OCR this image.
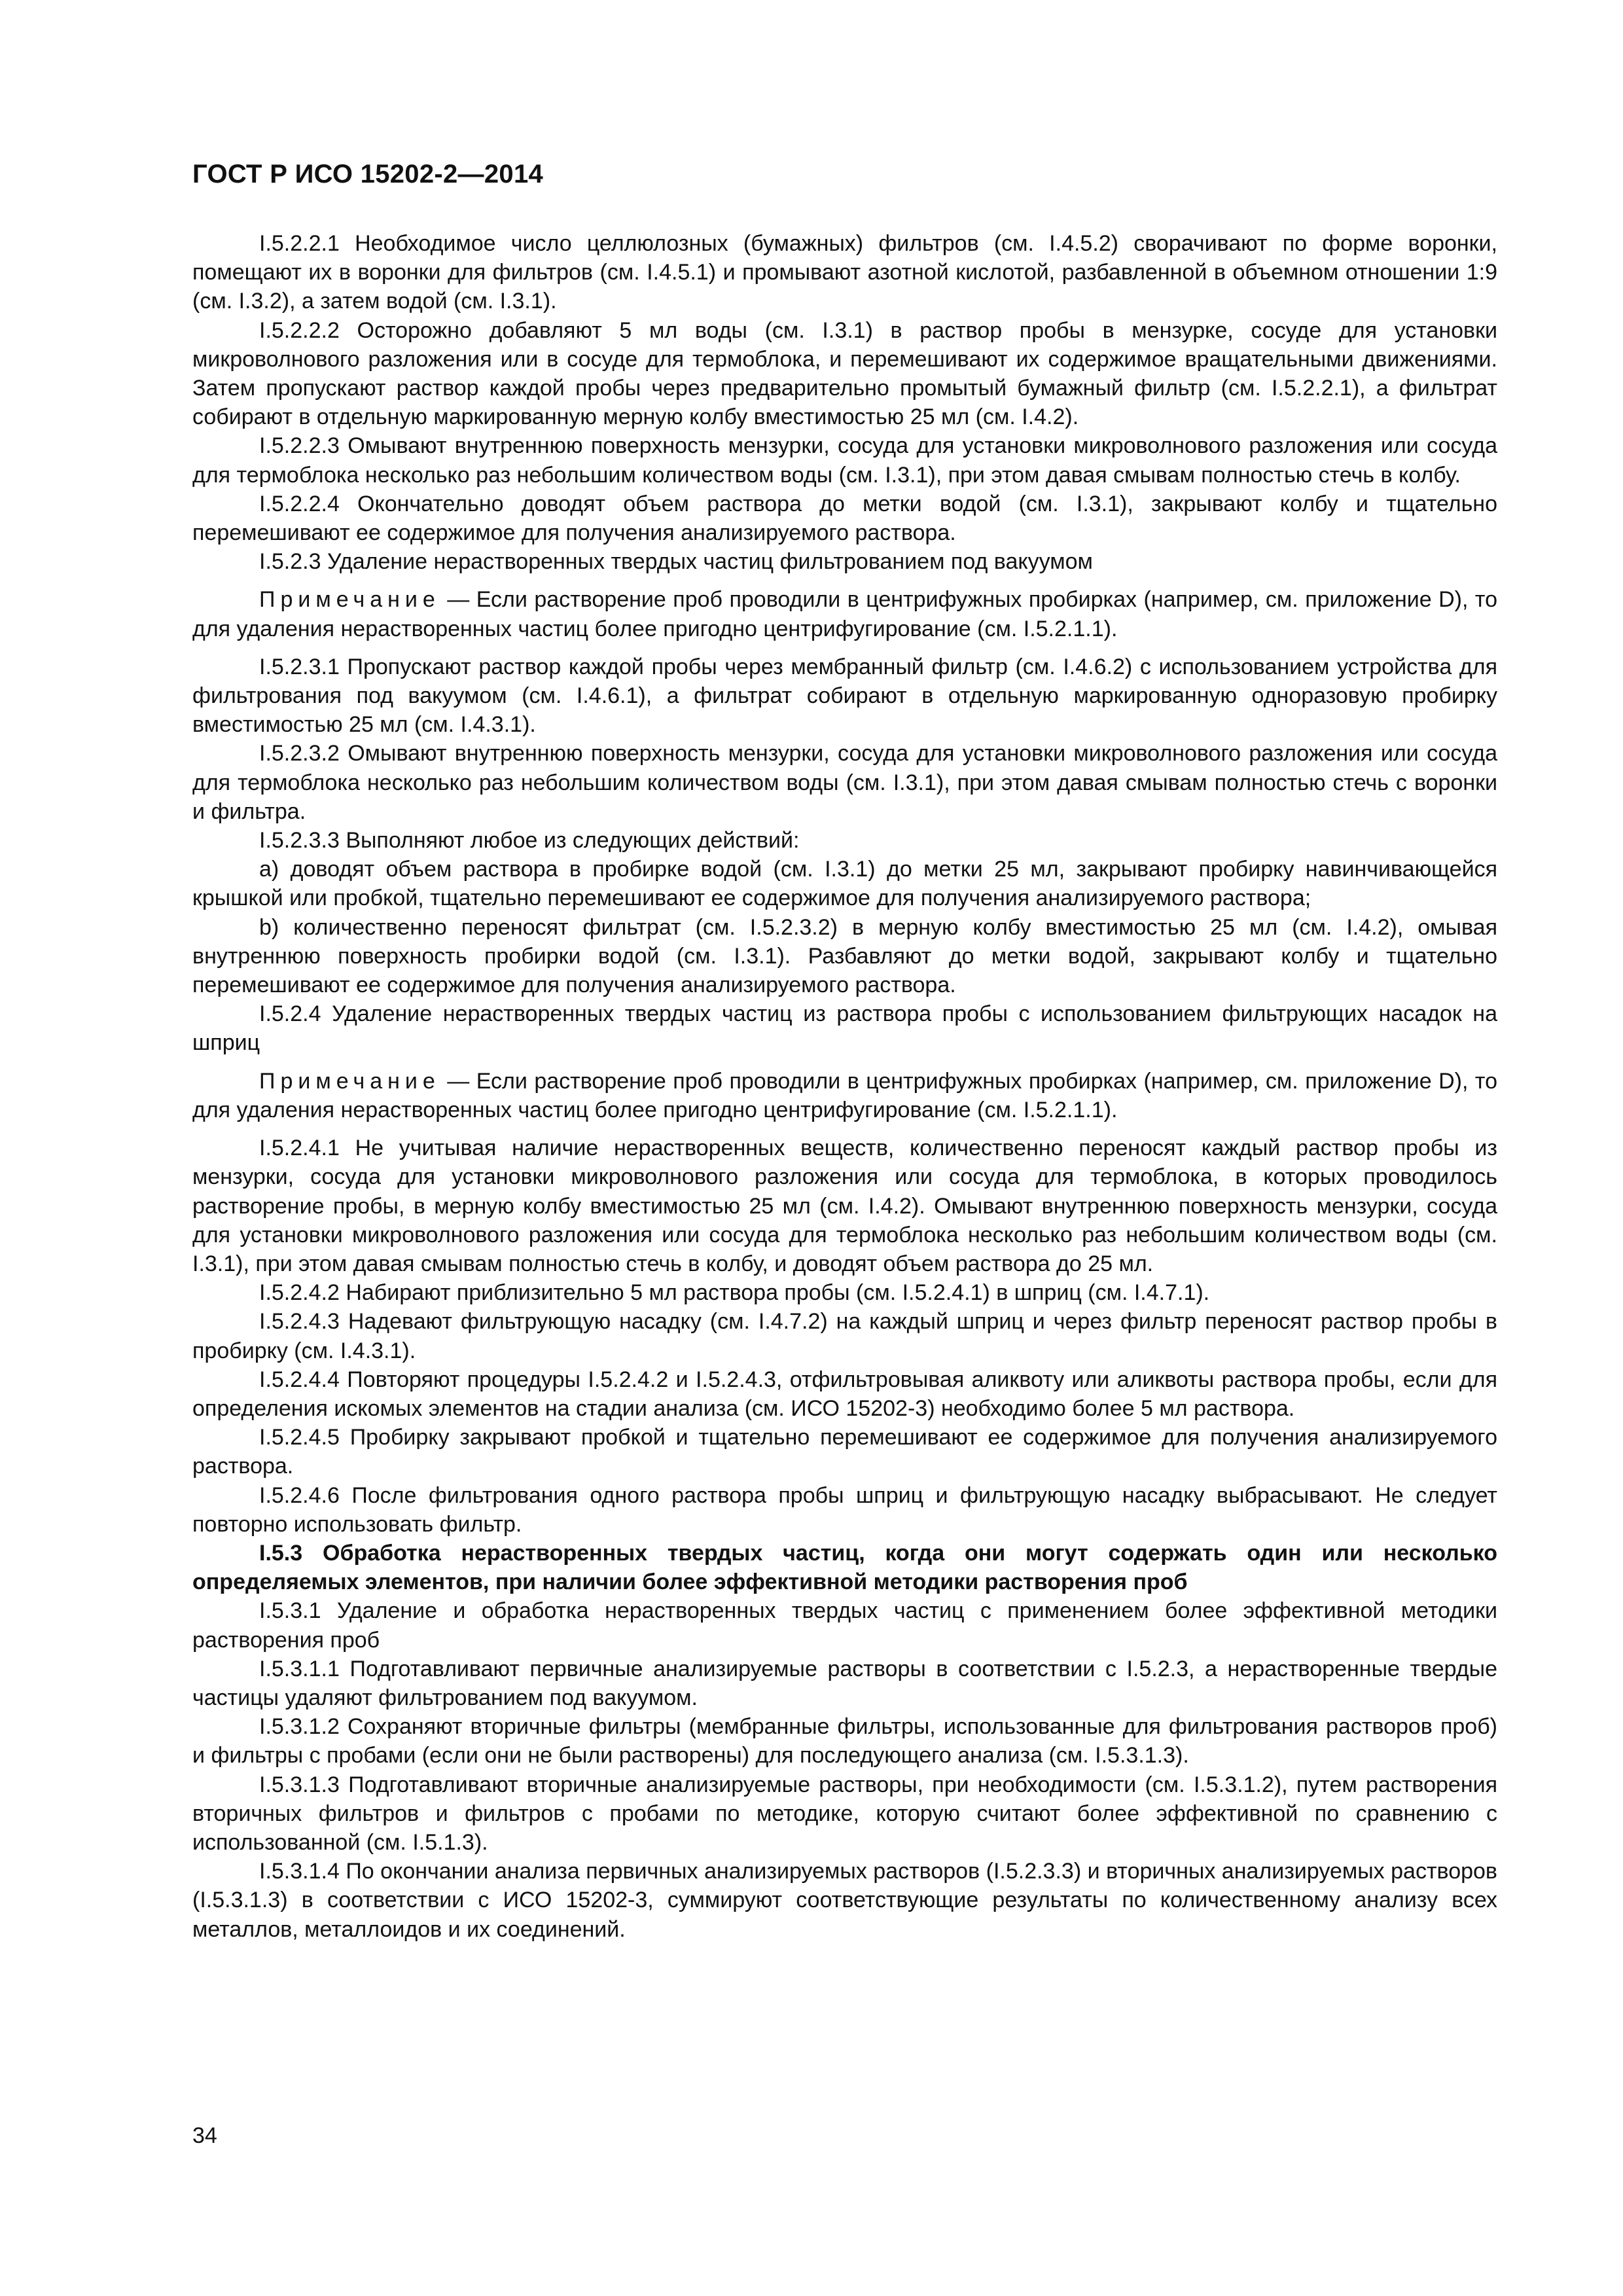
ГОСТ Р ИСО 15202-2—2014

I.5.2.2.1 Необходимое число целлюлозных (бумажных) фильтров (см. I.4.5.2) сворачивают по форме воронки, помещают их в воронки для фильтров (см. I.4.5.1) и промывают азотной кислотой, разбавленной в объемном отношении 1:9 (см. I.3.2), а затем водой (см. I.3.1).

I.5.2.2.2 Осторожно добавляют 5 мл воды (см. I.3.1) в раствор пробы в мензурке, сосуде для установки микроволнового разложения или в сосуде для термоблока, и перемешивают их содержимое вращательными движениями. Затем пропускают раствор каждой пробы через предварительно промытый бумажный фильтр (см. I.5.2.2.1), а фильтрат собирают в отдельную маркированную мерную колбу вместимостью 25 мл (см. I.4.2).

I.5.2.2.3 Омывают внутреннюю поверхность мензурки, сосуда для установки микроволнового разложения или сосуда для термоблока несколько раз небольшим количеством воды (см. I.3.1), при этом давая смывам полностью стечь в колбу.

I.5.2.2.4 Окончательно доводят объем раствора до метки водой (см. I.3.1), закрывают колбу и тщательно перемешивают ее содержимое для получения анализируемого раствора.

I.5.2.3 Удаление нерастворенных твердых частиц фильтрованием под вакуумом

Примечание — Если растворение проб проводили в центрифужных пробирках (например, см. приложение D), то для удаления нерастворенных частиц более пригодно центрифугирование (см. I.5.2.1.1).

I.5.2.3.1 Пропускают раствор каждой пробы через мембранный фильтр (см. I.4.6.2) с использованием устройства для фильтрования под вакуумом (см. I.4.6.1), а фильтрат собирают в отдельную маркированную одноразовую пробирку вместимостью 25 мл (см. I.4.3.1).

I.5.2.3.2 Омывают внутреннюю поверхность мензурки, сосуда для установки микроволнового разложения или сосуда для термоблока несколько раз небольшим количеством воды (см. I.3.1), при этом давая смывам полностью стечь с воронки и фильтра.

I.5.2.3.3 Выполняют любое из следующих действий:

a) доводят объем раствора в пробирке водой (см. I.3.1) до метки 25 мл, закрывают пробирку навинчивающейся крышкой или пробкой, тщательно перемешивают ее содержимое для получения анализируемого раствора;

b) количественно переносят фильтрат (см. I.5.2.3.2) в мерную колбу вместимостью 25 мл (см. I.4.2), омывая внутреннюю поверхность пробирки водой (см. I.3.1). Разбавляют до метки водой, закрывают колбу и тщательно перемешивают ее содержимое для получения анализируемого раствора.

I.5.2.4 Удаление нерастворенных твердых частиц из раствора пробы с использованием фильтрующих насадок на шприц

Примечание — Если растворение проб проводили в центрифужных пробирках (например, см. приложение D), то для удаления нерастворенных частиц более пригодно центрифугирование (см. I.5.2.1.1).

I.5.2.4.1 Не учитывая наличие нерастворенных веществ, количественно переносят каждый раствор пробы из мензурки, сосуда для установки микроволнового разложения или сосуда для термоблока, в которых проводилось растворение пробы, в мерную колбу вместимостью 25 мл (см. I.4.2). Омывают внутреннюю поверхность мензурки, сосуда для установки микроволнового разложения или сосуда для термоблока несколько раз небольшим количеством воды (см. I.3.1), при этом давая смывам полностью стечь в колбу, и доводят объем раствора до 25 мл.

I.5.2.4.2 Набирают приблизительно 5 мл раствора пробы (см. I.5.2.4.1) в шприц (см. I.4.7.1).

I.5.2.4.3 Надевают фильтрующую насадку (см. I.4.7.2) на каждый шприц и через фильтр переносят раствор пробы в пробирку (см. I.4.3.1).

I.5.2.4.4 Повторяют процедуры I.5.2.4.2 и I.5.2.4.3, отфильтровывая аликвоту или аликвоты раствора пробы, если для определения искомых элементов на стадии анализа (см. ИСО 15202-3) необходимо более 5 мл раствора.

I.5.2.4.5 Пробирку закрывают пробкой и тщательно перемешивают ее содержимое для получения анализируемого раствора.

I.5.2.4.6 После фильтрования одного раствора пробы шприц и фильтрующую насадку выбрасывают. Не следует повторно использовать фильтр.

I.5.3 Обработка нерастворенных твердых частиц, когда они могут содержать один или несколько определяемых элементов, при наличии более эффективной методики растворения проб

I.5.3.1 Удаление и обработка нерастворенных твердых частиц с применением более эффективной методики растворения проб

I.5.3.1.1 Подготавливают первичные анализируемые растворы в соответствии с I.5.2.3, а нерастворенные твердые частицы удаляют фильтрованием под вакуумом.

I.5.3.1.2 Сохраняют вторичные фильтры (мембранные фильтры, использованные для фильтрования растворов проб) и фильтры с пробами (если они не были растворены) для последующего анализа (см. I.5.3.1.3).

I.5.3.1.3 Подготавливают вторичные анализируемые растворы, при необходимости (см. I.5.3.1.2), путем растворения вторичных фильтров и фильтров с пробами по методике, которую считают более эффективной по сравнению с использованной (см. I.5.1.3).

I.5.3.1.4 По окончании анализа первичных анализируемых растворов (I.5.2.3.3) и вторичных анализируемых растворов (I.5.3.1.3) в соответствии с ИСО 15202-3, суммируют соответствующие результаты по количественному анализу всех металлов, металлоидов и их соединений.

34
